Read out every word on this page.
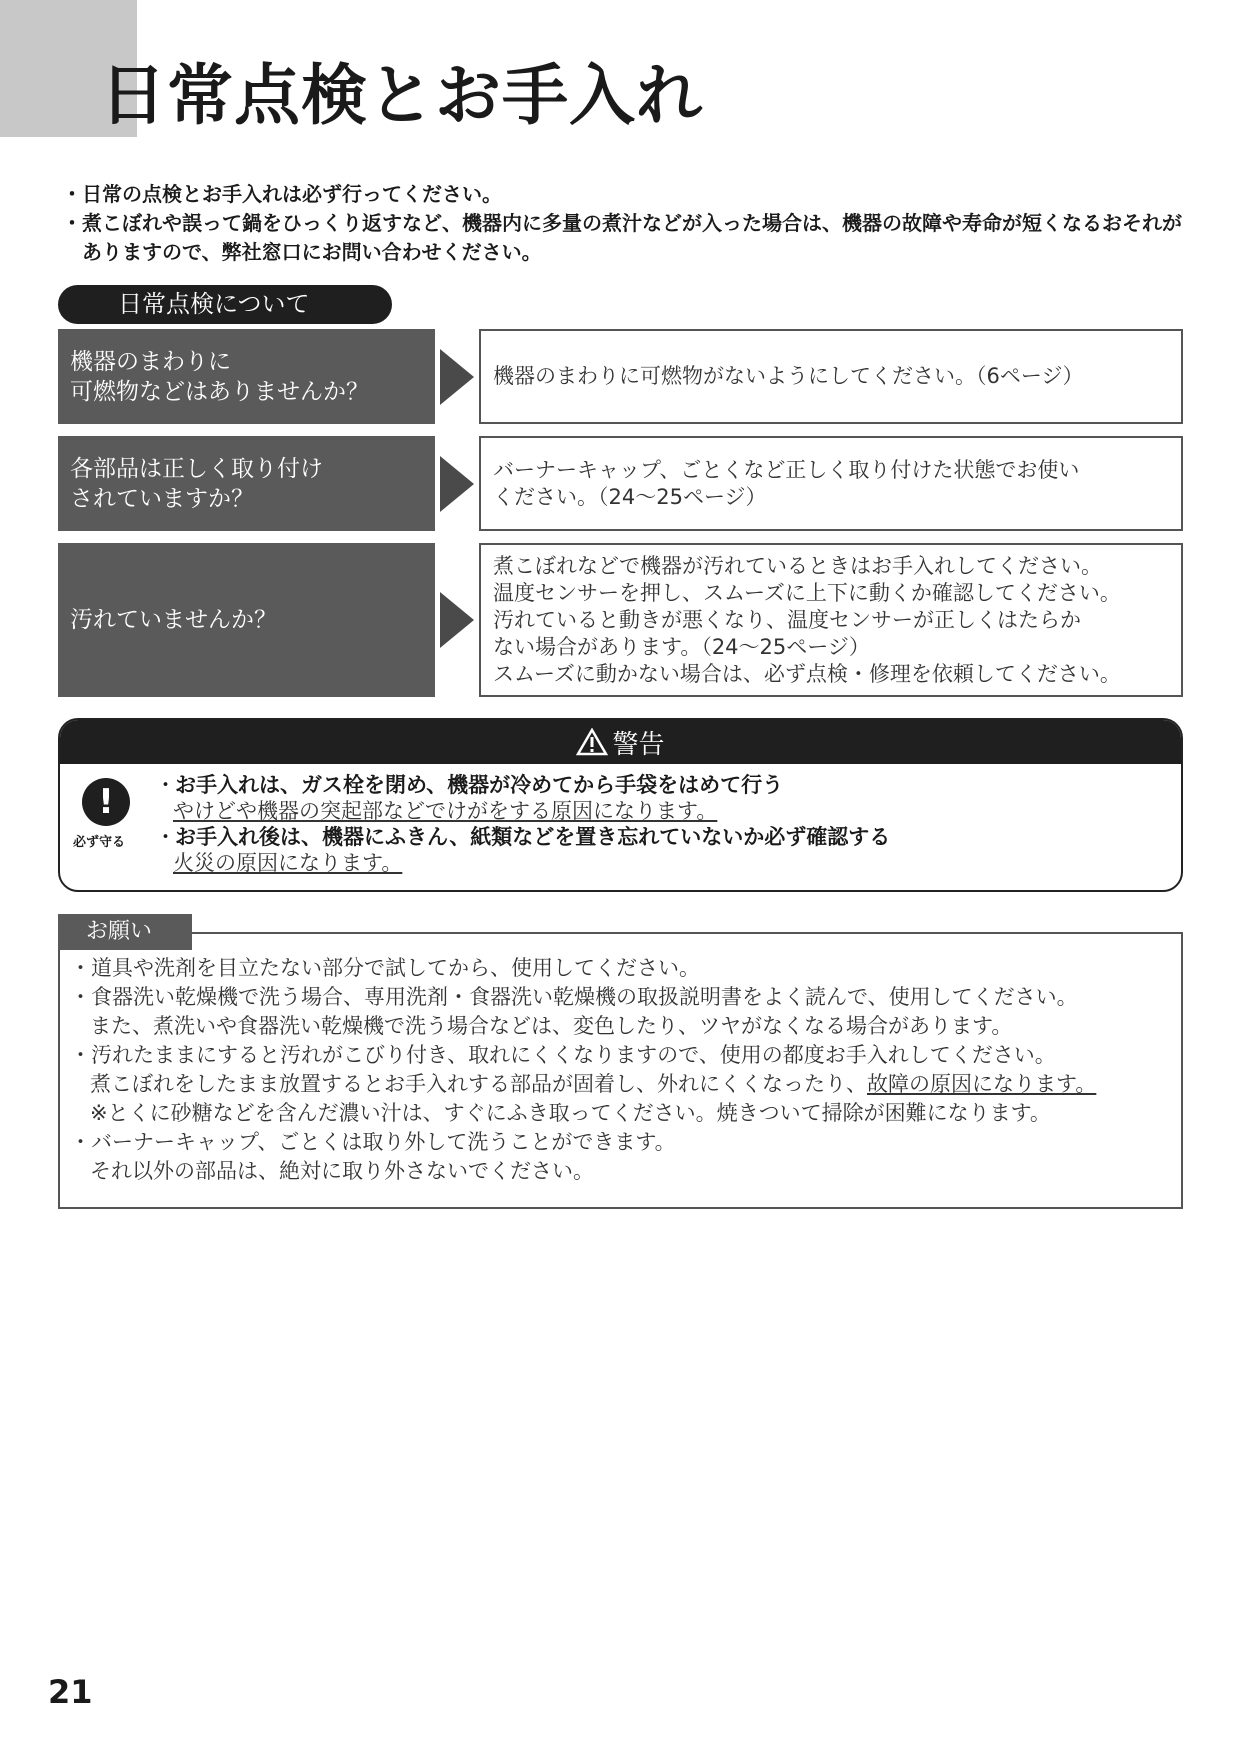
日常点検とお手入れ
・ 日常の点検とお手入れは必ず行ってください。
・ 煮こぼれや誤って鍋をひっくり返すなど、機器内に多量の煮汁などが入った場合は、機器の故障や寿命が短くなるおそれがありますので、弊社窓口にお問い合わせください。
日常点検について
機器のまわりに
可燃物などはありませんか？
機器のまわりに可燃物がないようにしてください。（6ページ）
各部品は正しく取り付け
されていますか？
バーナーキャップ、ごとくなど正しく取り付けた状態でお使い
ください。（24〜25ページ）
汚れていませんか？
煮こぼれなどで機器が汚れているときはお手入れしてください。
温度センサーを押し、スムーズに上下に動くか確認してください。
汚れていると動きが悪くなり、温度センサーが正しくはたらか
ない場合があります。（24〜25ページ）
スムーズに動かない場合は、必ず点検・修理を依頼してください。
警告
!
必ず守る
・ お手入れは、ガス栓を閉め、機器が冷めてから手袋をはめて行う
やけどや機器の突起部などでけがをする原因になります。
・ お手入れ後は、機器にふきん、紙類などを置き忘れていないか必ず確認する
火災の原因になります。
・道具や洗剤を目立たない部分で試してから、使用してください。
・食器洗い乾燥機で洗う場合、専用洗剤・食器洗い乾燥機の取扱説明書をよく読んで、使用してください。
また、煮洗いや食器洗い乾燥機で洗う場合などは、変色したり、ツヤがなくなる場合があります。
・汚れたままにすると汚れがこびり付き、取れにくくなりますので、使用の都度お手入れしてください。
煮こぼれをしたまま放置するとお手入れする部品が固着し、外れにくくなったり、故障の原因になります。
※とくに砂糖などを含んだ濃い汁は、すぐにふき取ってください。焼きついて掃除が困難になります。
・バーナーキャップ、ごとくは取り外して洗うことができます。
それ以外の部品は、絶対に取り外さないでください。
お願い
21
